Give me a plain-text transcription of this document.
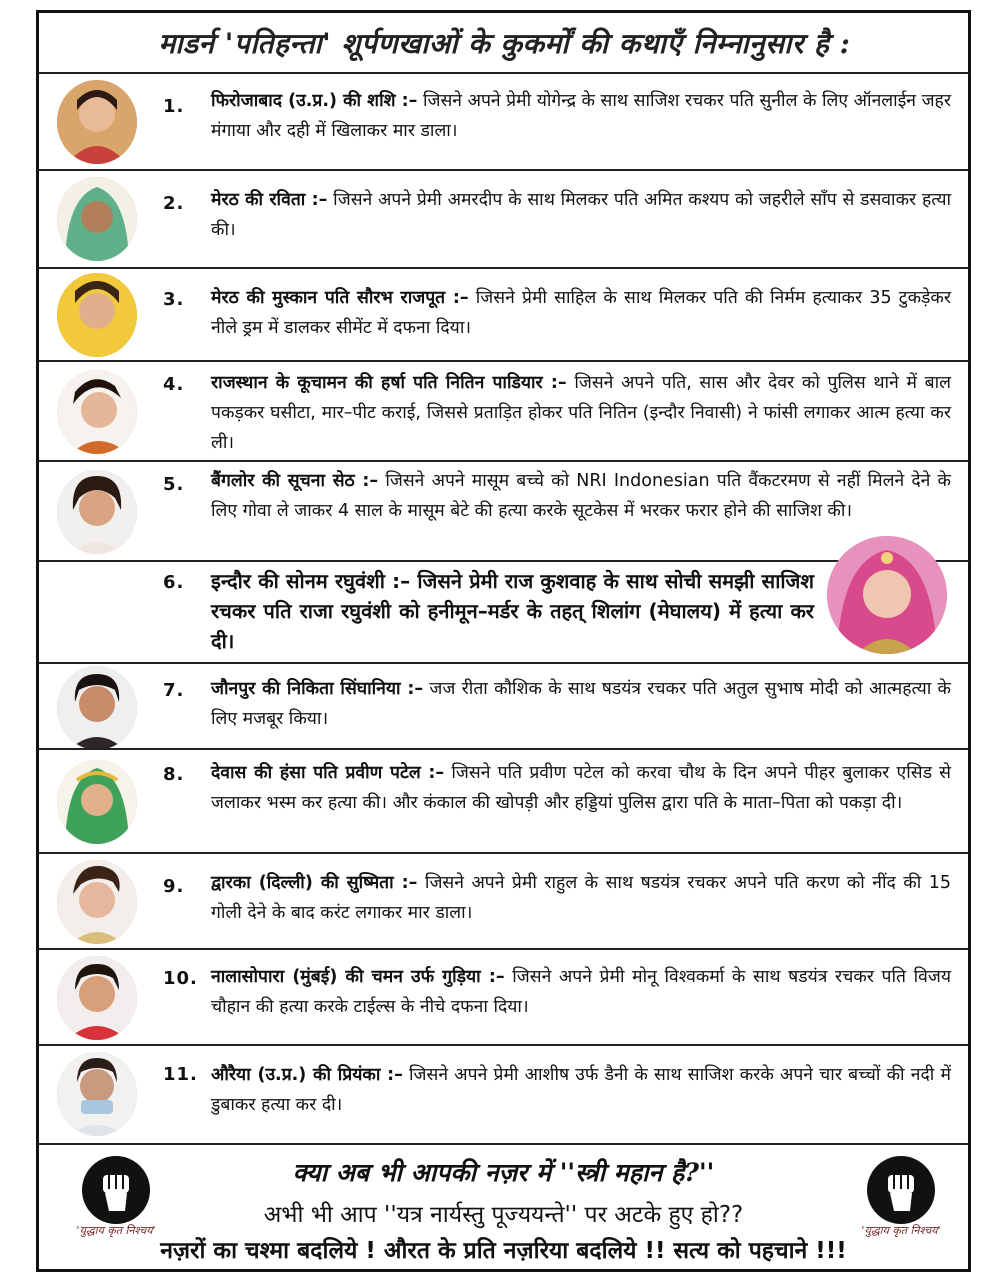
माडर्न 'पतिहन्ता' शूर्पणखाओं के कुकर्मों की कथाएँ निम्नानुसार है :
1.	फिरोजाबाद (उ.प्र.) की शशि :– जिसने अपने प्रेमी योगेन्द्र के साथ साजिश रचकर पति सुनील के लिए ऑनलाईन जहर मंगाया और दही में खिलाकर मार डाला।
2.	मेरठ की रविता :– जिसने अपने प्रेमी अमरदीप के साथ मिलकर पति अमित कश्यप को जहरीले साँप से डसवाकर हत्या की।
3.	मेरठ की मुस्कान पति सौरभ राजपूत :– जिसने प्रेमी साहिल के साथ मिलकर पति की निर्मम हत्याकर 35 टुकड़ेकर नीले ड्रम में डालकर सीमेंट में दफना दिया।
4.	राजस्थान के कूचामन की हर्षा पति नितिन पाडियार :– जिसने अपने पति, सास और देवर को पुलिस थाने में बाल पकड़कर घसीटा, मार–पीट कराई, जिससे प्रताड़ित होकर पति नितिन (इन्दौर निवासी) ने फांसी लगाकर आत्म हत्या कर ली।
5.	बैंगलोर की सूचना सेठ :– जिसने अपने मासूम बच्चे को NRI Indonesian पति वैंकटरमण से नहीं मिलने देने के लिए गोवा ले जाकर 4 साल के मासूम बेटे की हत्या करके सूटकेस में भरकर फरार होने की साजिश की।
6.	इन्दौर की सोनम रघुवंशी :– जिसने प्रेमी राज कुशवाह के साथ सोची समझी साजिश रचकर पति राजा रघुवंशी को हनीमून–मर्डर के तहत् शिलांग (मेघालय) में हत्या कर दी।
7.	जौनपुर की निकिता सिंघानिया :– जज रीता कौशिक के साथ षडयंत्र रचकर पति अतुल सुभाष मोदी को आत्महत्या के लिए मजबूर किया।
8.	देवास की हंसा पति प्रवीण पटेल :– जिसने पति प्रवीण पटेल को करवा चौथ के दिन अपने पीहर बुलाकर एसिड से जलाकर भस्म कर हत्या की। और कंकाल की खोपड़ी और हड्डियां पुलिस द्वारा पति के माता–पिता को पकड़ा दी।
9.	द्वारका (दिल्ली) की सुष्मिता :– जिसने अपने प्रेमी राहुल के साथ षडयंत्र रचकर अपने पति करण को नींद की 15 गोली देने के बाद करंट लगाकर मार डाला।
10. नालासोपारा (मुंबई) की चमन उर्फ गुड़िया :– जिसने अपने प्रेमी मोनू विश्वकर्मा के साथ षडयंत्र रचकर पति विजय चौहान की हत्या करके टाईल्स के नीचे दफना दिया।
11. औरैया (उ.प्र.) की प्रियंका :– जिसने अपने प्रेमी आशीष उर्फ डैनी के साथ साजिश करके अपने चार बच्चों की नदी में डुबाकर हत्या कर दी।
'युद्धाय कृत निश्चय'	'युद्धाय कृत निश्चय'
क्या अब भी आपकी नज़र में ''स्त्री महान है?''
अभी भी आप ''यत्र नार्यस्तु पूज्ययन्ते'' पर अटके हुए हो??
नज़रों का चश्मा बदलिये ! औरत के प्रति नज़रिया बदलिये !! सत्य को पहचाने !!!
